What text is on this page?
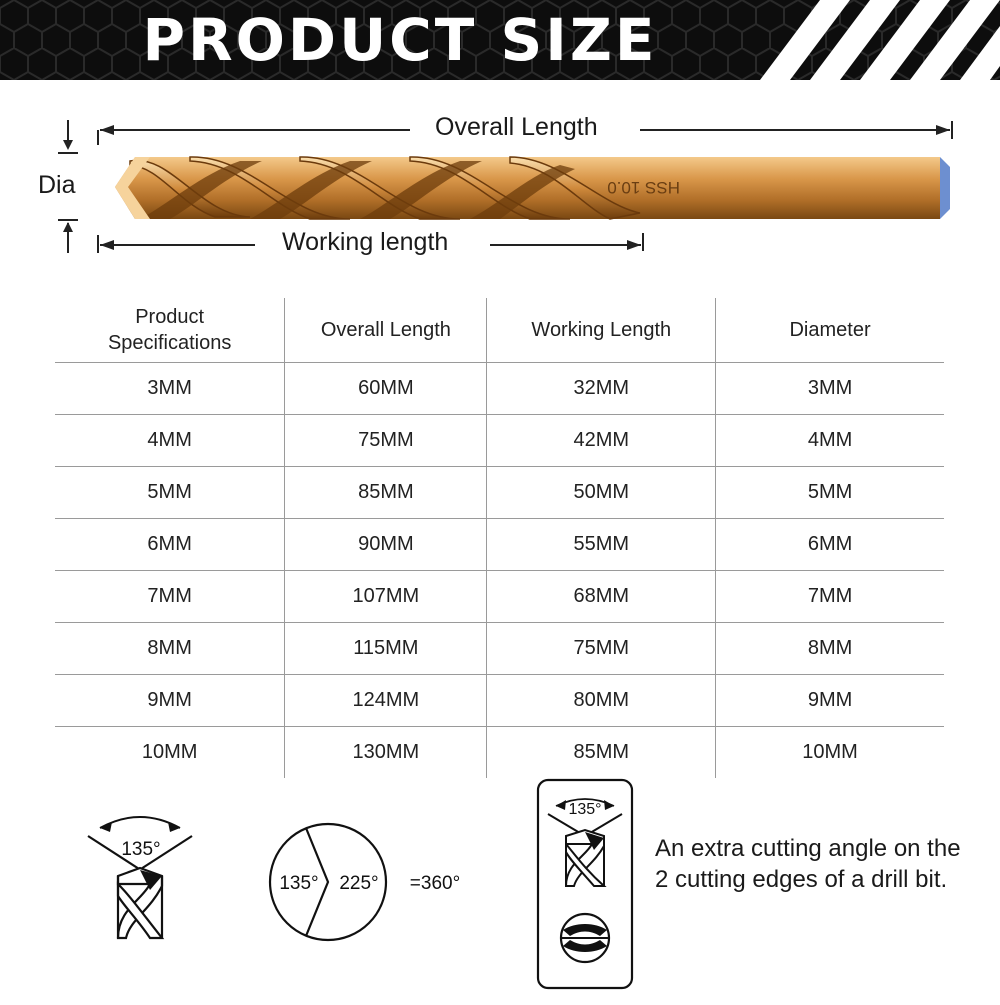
PRODUCT SIZE
HSS 10.0
Overall Length
Working length
Dia
Product Specifications	Overall Length	Working Length	Diameter
3MM	60MM	32MM	3MM
4MM	75MM	42MM	4MM
5MM	85MM	50MM	5MM
6MM	90MM	55MM	6MM
7MM	107MM	68MM	7MM
8MM	115MM	75MM	8MM
9MM	124MM	80MM	9MM
10MM	130MM	85MM	10MM
135°
135° 225° =360°
135°
An extra cutting angle on the 2 cutting edges of a drill bit.
